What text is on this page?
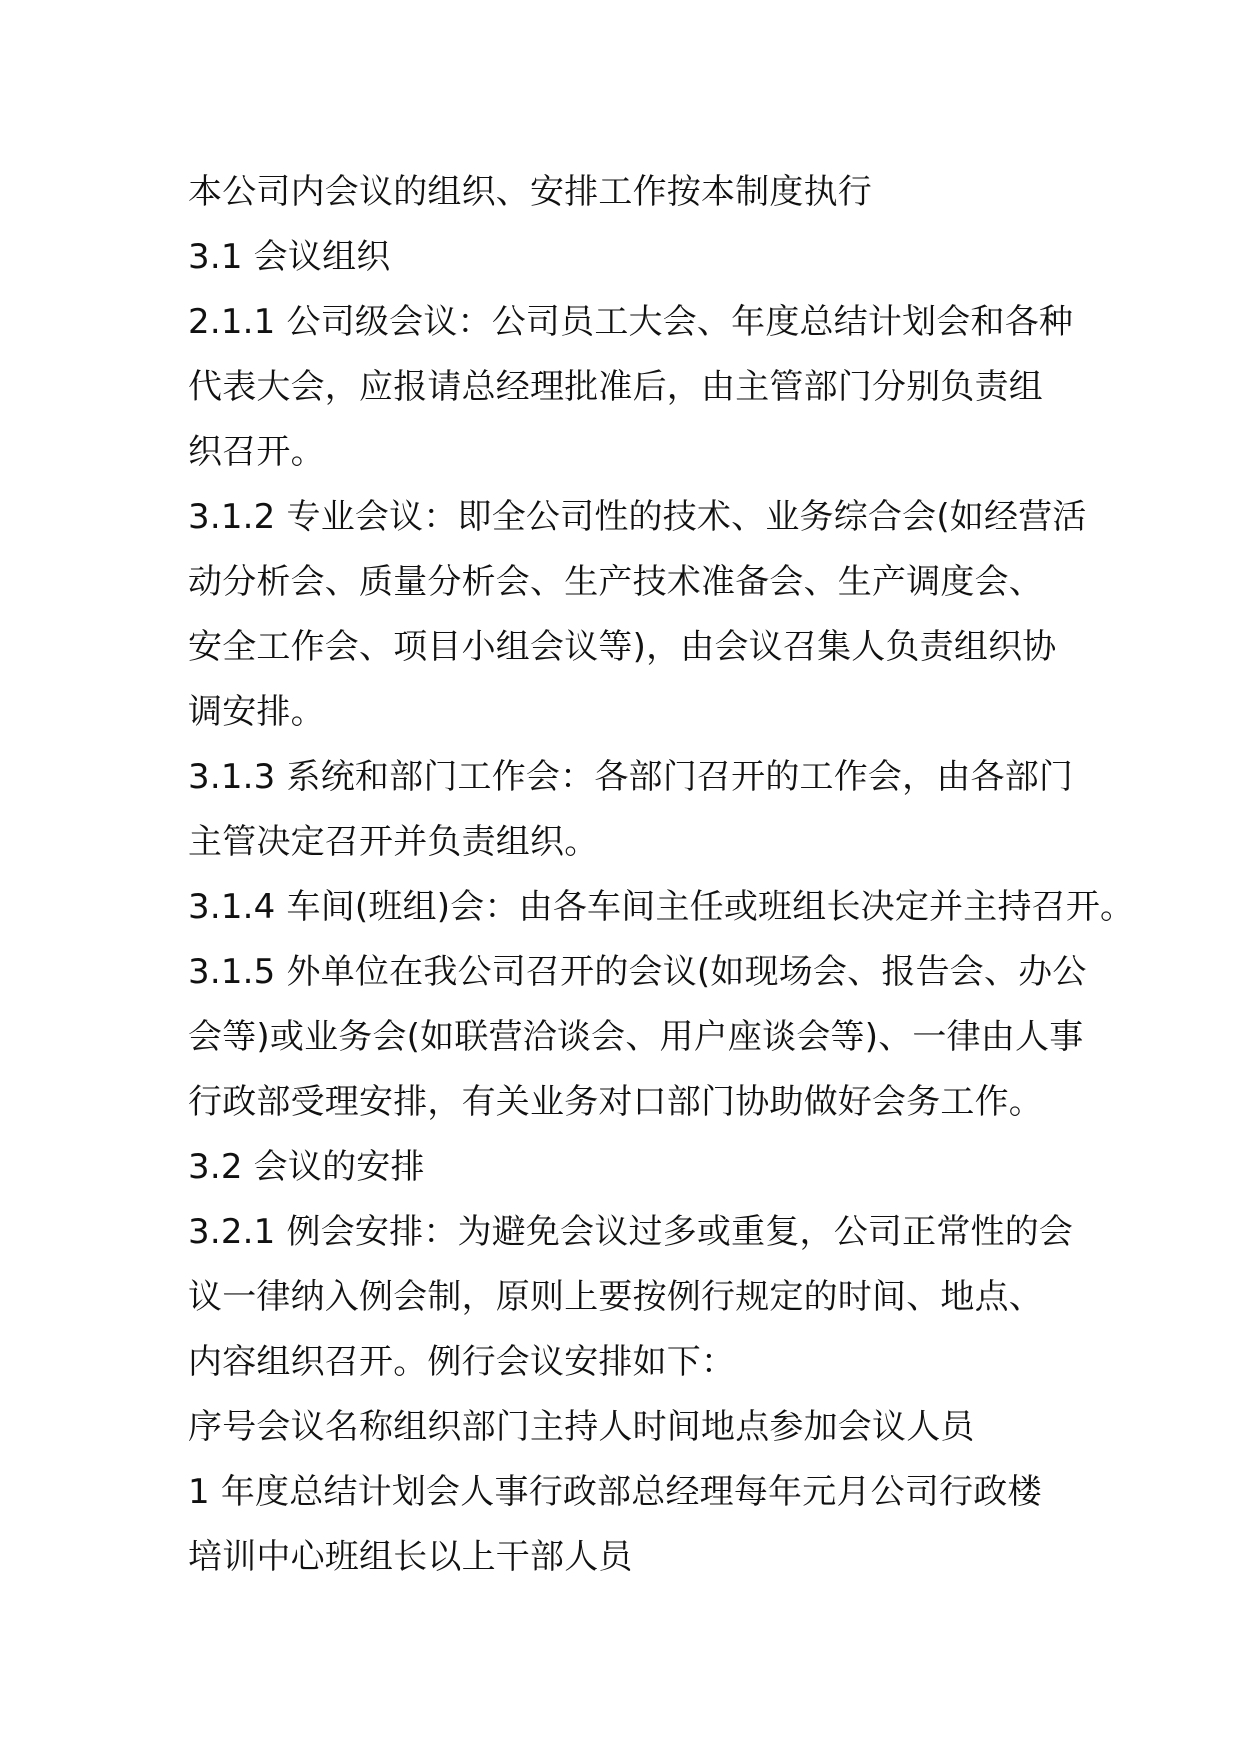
本公司内会议的组织、安排工作按本制度执行

3.1 会议组织

2.1.1 公司级会议：公司员工大会、年度总结计划会和各种
代表大会，应报请总经理批准后，由主管部门分别负责组
织召开。

3.1.2 专业会议：即全公司性的技术、业务综合会(如经营活
动分析会、质量分析会、生产技术准备会、生产调度会、
安全工作会、项目小组会议等)，由会议召集人负责组织协
调安排。

3.1.3 系统和部门工作会：各部门召开的工作会，由各部门
主管决定召开并负责组织。

3.1.4 车间(班组)会：由各车间主任或班组长决定并主持召开。

3.1.5 外单位在我公司召开的会议(如现场会、报告会、办公
会等)或业务会(如联营洽谈会、用户座谈会等)、一律由人事
行政部受理安排，有关业务对口部门协助做好会务工作。

3.2 会议的安排

3.2.1 例会安排：为避免会议过多或重复，公司正常性的会
议一律纳入例会制，原则上要按例行规定的时间、地点、
内容组织召开。例行会议安排如下：

序号会议名称组织部门主持人时间地点参加会议人员

1 年度总结计划会人事行政部总经理每年元月公司行政楼

培训中心班组长以上干部人员
